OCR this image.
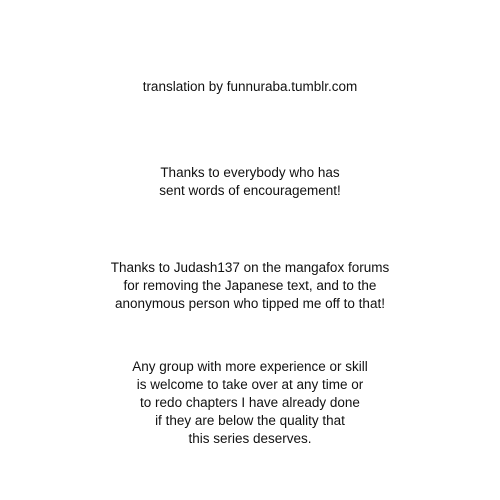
translation by funnuraba.tumblr.com
Thanks to everybody who has
sent words of encouragement!
Thanks to Judash137 on the mangafox forums
for removing the Japanese text, and to the
anonymous person who tipped me off to that!
Any group with more experience or skill
is welcome to take over at any time or
to redo chapters I have already done
if they are below the quality that
this series deserves.
